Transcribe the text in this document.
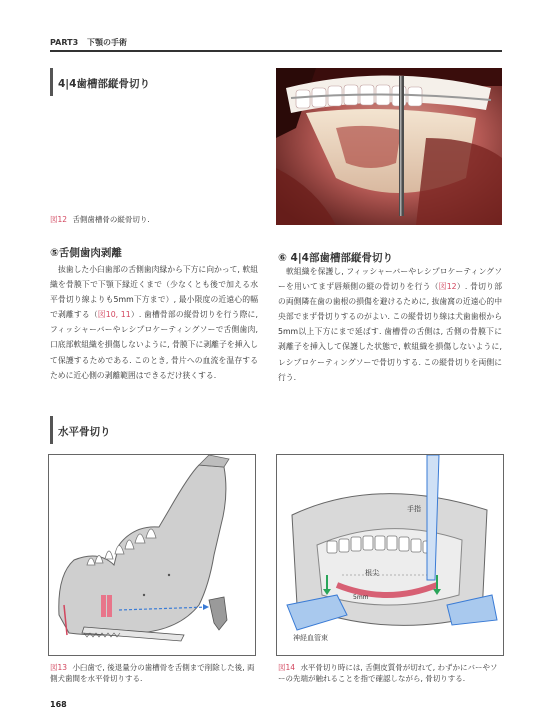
PART3 下顎の手術
4|4歯槽部縦骨切り
図12 舌側歯槽骨の縦骨切り.
⑤舌側歯肉剥離
抜歯した小臼歯部の舌側歯肉縁から下方に向かって, 軟組織を骨膜下で下顎下縁近くまで（少なくとも後で加える水平骨切り線よりも5mm下方まで）, 最小限度の近遠心的幅で剥離する（図10, 11）. 歯槽骨部の縦骨切りを行う際に, フィッシャーバーやレシプロケーティングソーで舌側歯肉, 口底部軟組織を損傷しないように, 骨膜下に剥離子を挿入して保護するためである. このとき, 骨片への血流を温存するために近心側の剥離範囲はできるだけ狭くする.
⑥ 4|4部歯槽部縦骨切り
軟組織を保護し, フィッシャーバーやレシプロケーティングソーを用いてまず唇頬側の縦の骨切りを行う（図12）. 骨切り部の両側隣在歯の歯根の損傷を避けるために, 抜歯窩の近遠心的中央部でまず骨切りするのがよい. この縦骨切り線は犬歯歯根から5mm以上下方にまで延ばす. 歯槽骨の舌側は, 舌側の骨膜下に剥離子を挿入して保護した状態で, 軟組織を損傷しないように, レシプロケーティングソーで骨切りする. この縦骨切りを両側に行う.
水平骨切り
手指
根尖
5mm
神経血管束
図13 小臼歯で, 後退量分の歯槽骨を舌側まで削除した後, 両側犬歯間を水平骨切りする.
図14 水平骨切り時には, 舌側皮質骨が切れて, わずかにバーやソーの先端が触れることを指で確認しながら, 骨切りする.
168
